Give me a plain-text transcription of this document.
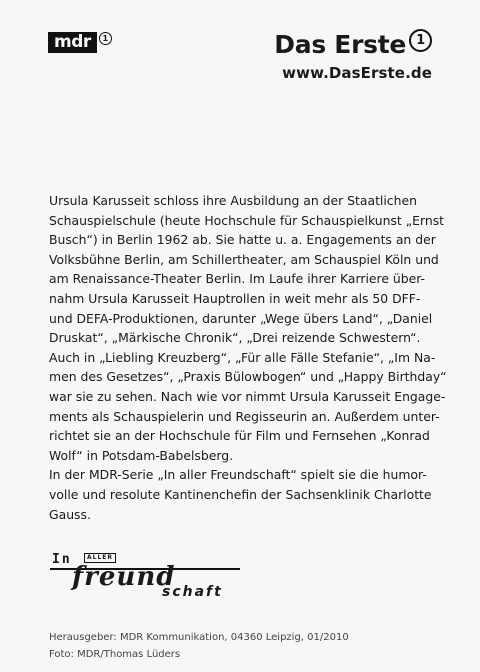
mdr	1	Das Erste 1
www.DasErste.de
Ursula Karusseit schloss ihre Ausbildung an der Staatlichen
Schauspielschule (heute Hochschule für Schauspielkunst „Ernst
Busch“) in Berlin 1962 ab. Sie hatte u. a. Engagements an der
Volksbühne Berlin, am Schillertheater, am Schauspiel Köln und
am Renaissance-Theater Berlin. Im Laufe ihrer Karriere über-
nahm Ursula Karusseit Hauptrollen in weit mehr als 50 DFF-
und DEFA-Produktionen, darunter „Wege übers Land“, „Daniel
Druskat“, „Märkische Chronik“, „Drei reizende Schwestern“.
Auch in „Liebling Kreuzberg“, „Für alle Fälle Stefanie“, „Im Na-
men des Gesetzes“, „Praxis Bülowbogen“ und „Happy Birthday“
war sie zu sehen. Nach wie vor nimmt Ursula Karusseit Engage-
ments als Schauspielerin und Regisseurin an. Außerdem unter-
richtet sie an der Hochschule für Film und Fernsehen „Konrad
Wolf“ in Potsdam-Babelsberg.
In der MDR-Serie „In aller Freundschaft“ spielt sie die humor-
volle und resolute Kantinenchefin der Sachsenklinik Charlotte
Gauss.
In	ALLER
freund
schaft
Herausgeber: MDR Kommunikation, 04360 Leipzig, 01/2010
Foto: MDR/Thomas Lüders
